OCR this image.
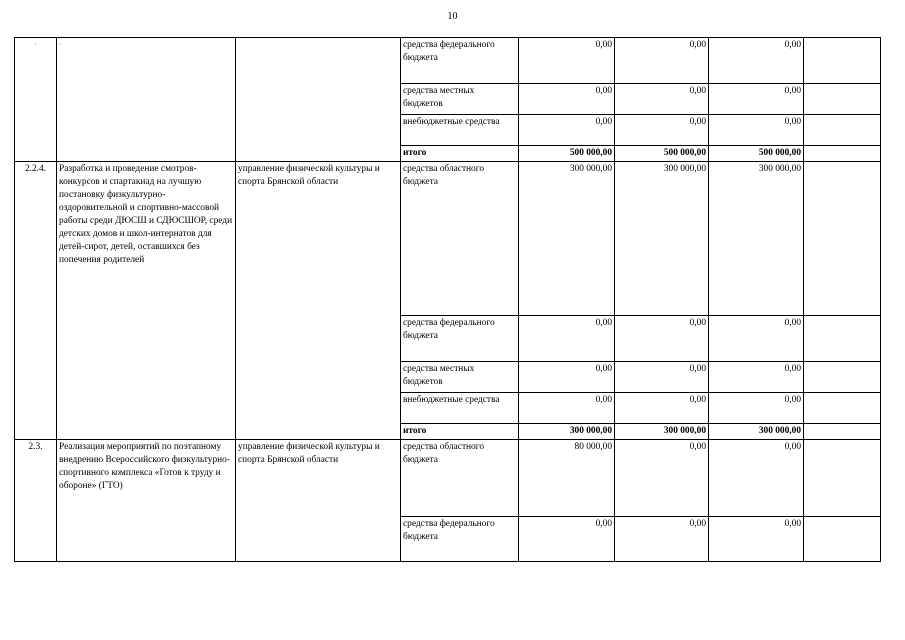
10
·	·		средства федерального бюджета	0,00	0,00	0,00	
			средства местных бюджетов	0,00	0,00	0,00	
			внебюджетные средства	0,00	0,00	0,00	
			итого	500 000,00	500 000,00	500 000,00	
2.2.4.	Разработка и проведение смотров-конкурсов и спартакиад на лучшую постановку физкультурно-оздоровительной и спортивно-массовой работы среди ДЮСШ и СДЮСШОР, среди детских домов и школ-интернатов для детей-сирот, детей, оставшихся без попечения родителей	управление физической культуры и спорта Брянской области	средства областного бюджета	300 000,00	300 000,00	300 000,00	
			средства федерального бюджета	0,00	0,00	0,00	
			средства местных бюджетов	0,00	0,00	0,00	
			внебюджетные средства	0,00	0,00	0,00	
			итого	300 000,00	300 000,00	300 000,00	
2.3.	Реализация мероприятий по поэтапному внедрению Всероссийского физкультурно-спортивного комплекса «Готов к труду и обороне» (ГТО)	управление физической культуры и спорта Брянской области	средства областного бюджета	80 000,00	0,00	0,00	
			средства федерального бюджета	0,00	0,00	0,00	
